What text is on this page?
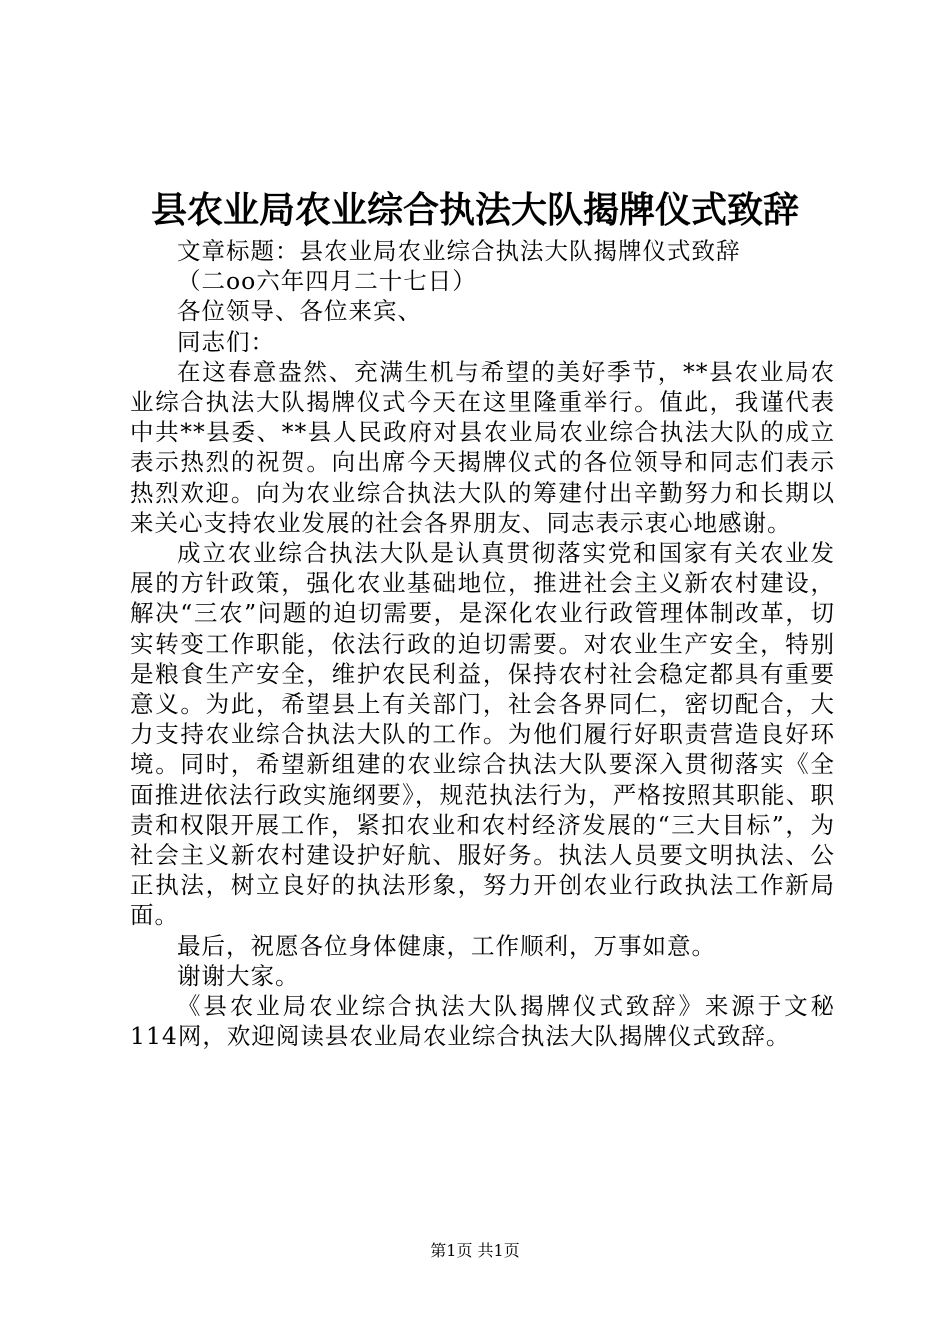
县农业局农业综合执法大队揭牌仪式致辞

文章标题：县农业局农业综合执法大队揭牌仪式致辞

（二oo六年四月二十七日）

各位领导、各位来宾、

同志们：

在这春意盎然、充满生机与希望的美好季节，**县农业局农业综合执法大队揭牌仪式今天在这里隆重举行。值此，我谨代表中共**县委、**县人民政府对县农业局农业综合执法大队的成立表示热烈的祝贺。向出席今天揭牌仪式的各位领导和同志们表示热烈欢迎。向为农业综合执法大队的筹建付出辛勤努力和长期以来关心支持农业发展的社会各界朋友、同志表示衷心地感谢。

成立农业综合执法大队是认真贯彻落实党和国家有关农业发展的方针政策，强化农业基础地位，推进社会主义新农村建设，解决“三农”问题的迫切需要，是深化农业行政管理体制改革，切实转变工作职能，依法行政的迫切需要。对农业生产安全，特别是粮食生产安全，维护农民利益，保持农村社会稳定都具有重要意义。为此，希望县上有关部门，社会各界同仁，密切配合，大力支持农业综合执法大队的工作。为他们履行好职责营造良好环境。同时，希望新组建的农业综合执法大队要深入贯彻落实《全面推进依法行政实施纲要》，规范执法行为，严格按照其职能、职责和权限开展工作，紧扣农业和农村经济发展的“三大目标”，为社会主义新农村建设护好航、服好务。执法人员要文明执法、公正执法，树立良好的执法形象，努力开创农业行政执法工作新局面。

最后，祝愿各位身体健康，工作顺利，万事如意。

谢谢大家。

《县农业局农业综合执法大队揭牌仪式致辞》来源于文秘114网，欢迎阅读县农业局农业综合执法大队揭牌仪式致辞。

第1页 共1页
